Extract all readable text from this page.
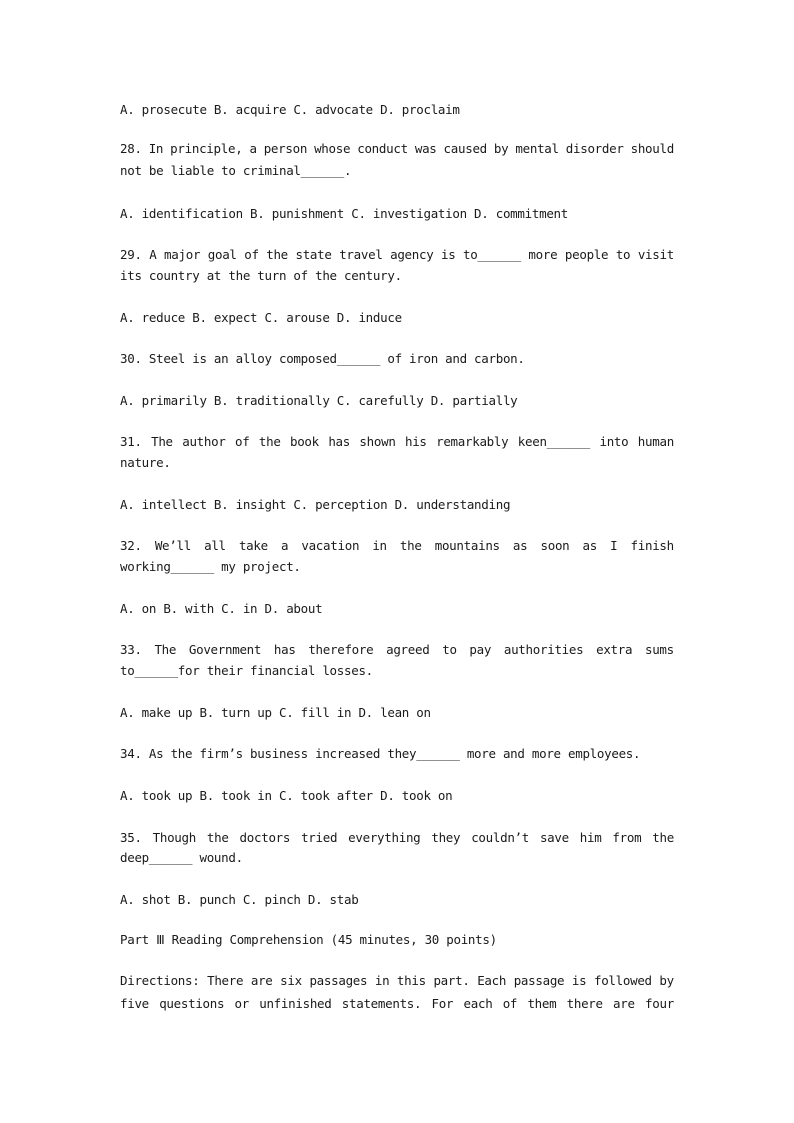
A. prosecute B. acquire C. advocate D. proclaim
28. In principle, a person whose conduct was caused by mental disorder should
not be liable to criminal______.
A. identification B. punishment C. investigation D. commitment
29. A major goal of the state travel agency is to______ more people to visit
its country at the turn of the century.
A. reduce B. expect C. arouse D. induce
30. Steel is an alloy composed______ of iron and carbon.
A. primarily B. traditionally C. carefully D. partially
31. The author of the book has shown his remarkably keen______ into human
nature.
A. intellect B. insight C. perception D. understanding
32. We’ll all take a vacation in the mountains as soon as I finish
working______ my project.
A. on B. with C. in D. about
33. The Government has therefore agreed to pay authorities extra sums
to______for their financial losses.
A. make up B. turn up C. fill in D. lean on
34. As the firm’s business increased they______ more and more employees.
A. took up B. took in C. took after D. took on
35. Though the doctors tried everything they couldn’t save him from the
deep______ wound.
A. shot B. punch C. pinch D. stab
Part Ⅲ Reading Comprehension (45 minutes, 30 points)
Directions: There are six passages in this part. Each passage is followed by
five questions or unfinished statements. For each of them there are four
